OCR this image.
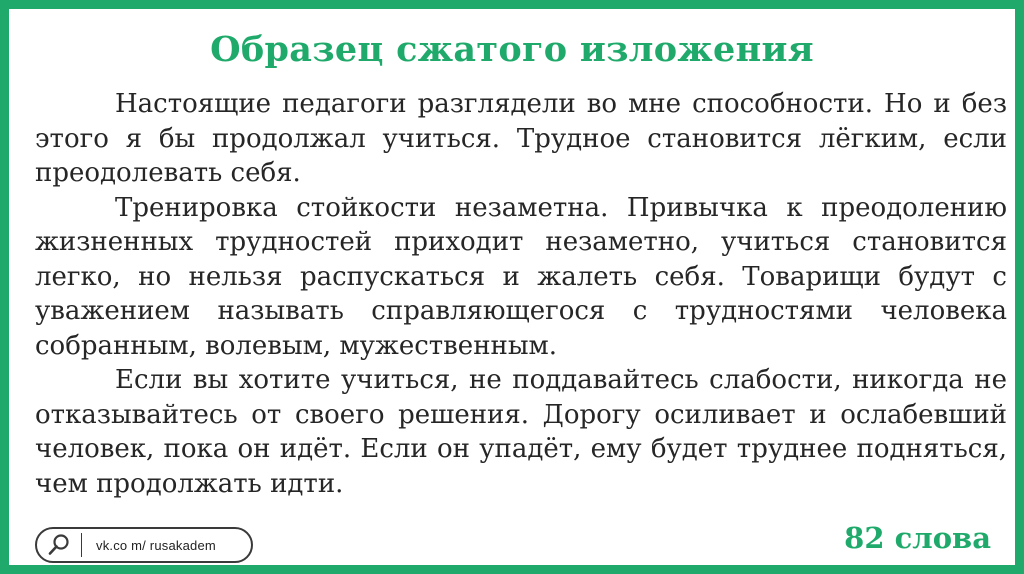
Образец сжатого изложения

Настоящие педагоги разглядели во мне способности. Но и без этого я бы продолжал учиться. Трудное становится лёгким, если преодолевать себя.

Тренировка стойкости незаметна. Привычка к преодолению жизненных трудностей приходит незаметно, учиться становится легко, но нельзя распускаться и жалеть себя. Товарищи будут с уважением называть справляющегося с трудностями человека собранным, волевым, мужественным.

Если вы хотите учиться, не поддавайтесь слабости, никогда не отказывайтесь от своего решения. Дорогу осиливает и ослабевший человек, пока он идёт. Если он упадёт, ему будет труднее подняться, чем продолжать идти.

vk.co m/ rusakadem	82 слова
